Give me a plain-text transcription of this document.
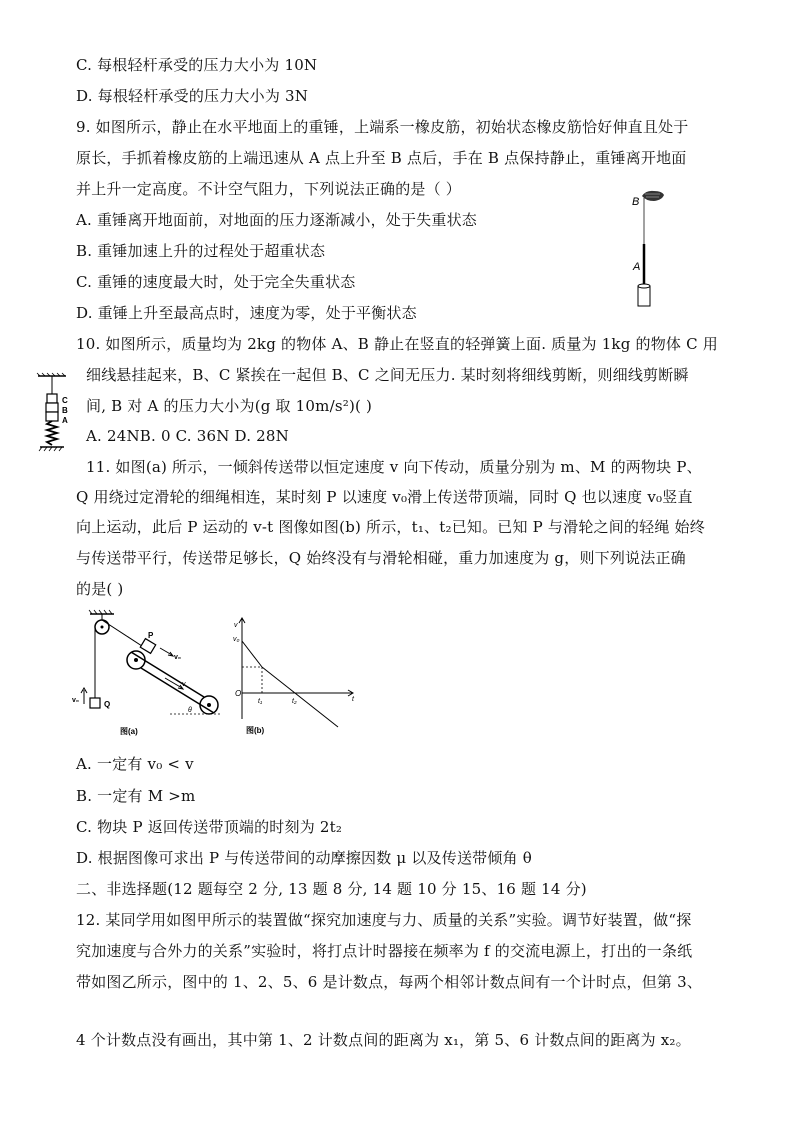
C. 每根轻杆承受的压力大小为 10N
D. 每根轻杆承受的压力大小为 3N
9. 如图所示，静止在水平地面上的重锤，上端系一橡皮筋，初始状态橡皮筋恰好伸直且处于
原长，手抓着橡皮筋的上端迅速从 A 点上升至 B 点后，手在 B 点保持静止，重锤离开地面
并上升一定高度。不计空气阻力，下列说法正确的是（ ）
A. 重锤离开地面前，对地面的压力逐渐减小，处于失重状态
B. 重锤加速上升的过程处于超重状态
C. 重锤的速度最大时，处于完全失重状态
D. 重锤上升至最高点时，速度为零，处于平衡状态
10. 如图所示，质量均为 2kg 的物体 A、B 静止在竖直的轻弹簧上面. 质量为 1kg 的物体 C 用
细线悬挂起来，B、C 紧挨在一起但 B、C 之间无压力. 某时刻将细线剪断，则细线剪断瞬
间, B 对 A 的压力大小为(g 取 10m/s²)( )
A. 24NB. 0 C. 36N D. 28N
11. 如图(a) 所示，一倾斜传送带以恒定速度 v 向下传动，质量分别为 m、M 的两物块 P、
Q 用绕过定滑轮的细绳相连，某时刻 P 以速度 v₀滑上传送带顶端，同时 Q 也以速度 v₀竖直
向上运动，此后 P 运动的 v-t 图像如图(b) 所示，t₁、t₂已知。已知 P 与滑轮之间的轻绳 始终
与传送带平行，传送带足够长，Q 始终没有与滑轮相碰，重力加速度为 g，则下列说法正确
的是( )
A. 一定有 v₀ < v
B. 一定有 M >m
C. 物块 P 返回传送带顶端的时刻为 2t₂
D. 根据图像可求出 P 与传送带间的动摩擦因数 μ 以及传送带倾角 θ
二、非选择题(12 题每空 2 分, 13 题 8 分, 14 题 10 分 15、16 题 14 分)
12. 某同学用如图甲所示的装置做“探究加速度与力、质量的关系”实验。调节好装置，做“探
究加速度与合外力的关系”实验时，将打点计时器接在频率为 f 的交流电源上，打出的一条纸
带如图乙所示，图中的 1、2、5、6 是计数点，每两个相邻计数点间有一个计时点，但第 3、
4 个计数点没有画出，其中第 1、2 计数点间的距离为 x₁，第 5、6 计数点间的距离为 x₂。
B
A
C
B
A
Q
v₀
P
v₀
v
θ
图(a)
v
v₀
O
t
t₁	t₂
图(b)
